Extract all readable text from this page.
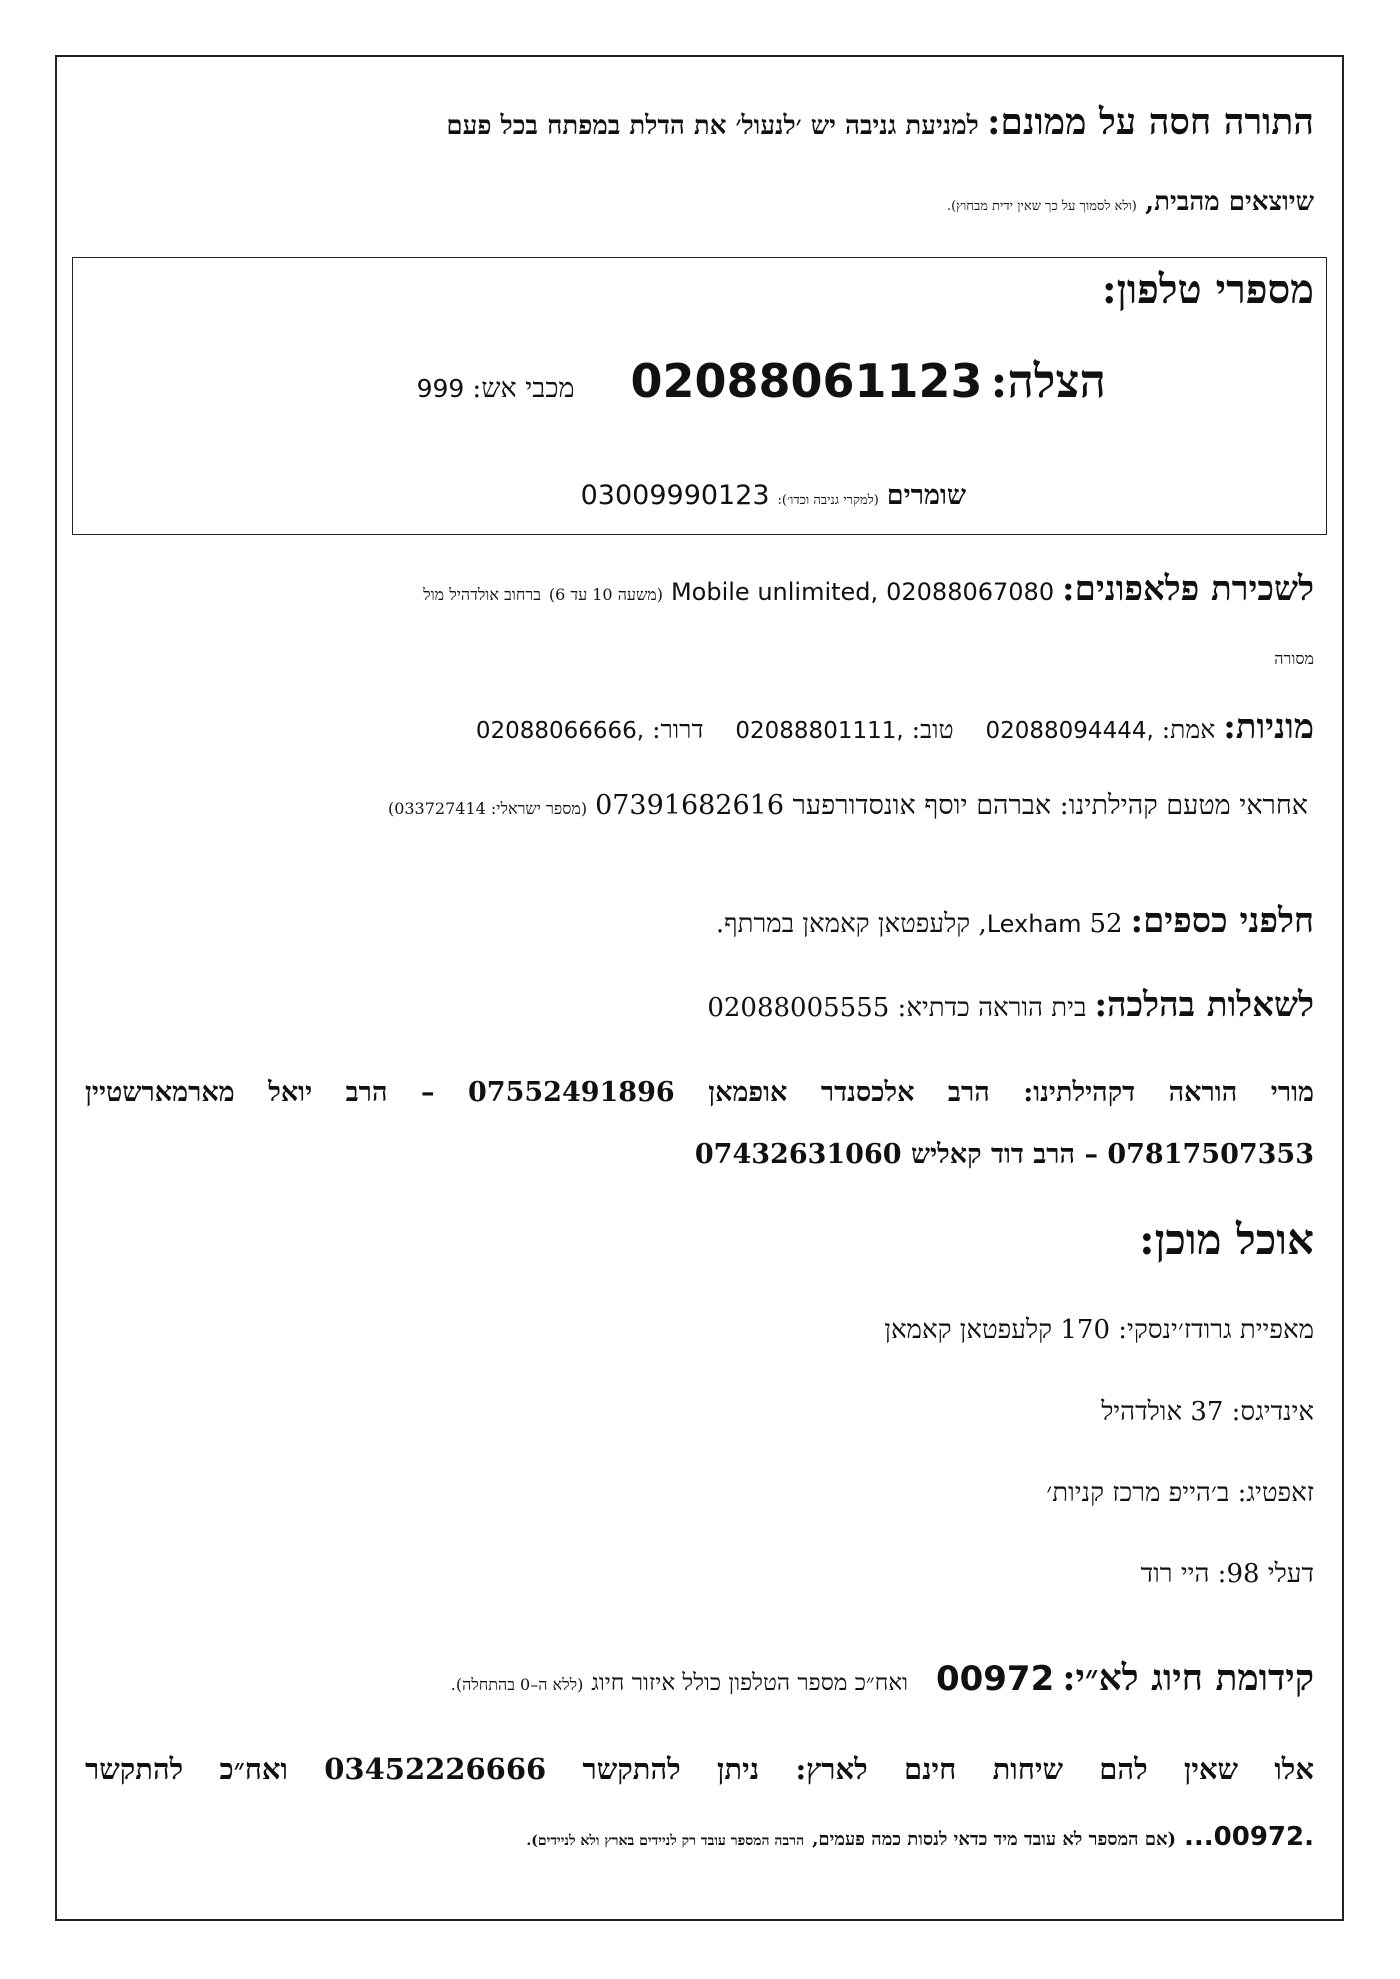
התורה חסה על ממונם: למניעת גניבה יש ׳לנעול׳ את הדלת במפתח בכל פעם
שיוצאים מהבית, (ולא לסמוך על כך שאין ידית מבחוץ).
מספרי טלפון:
הצלה: 02088061123  מכבי אש: 999
שומרים (למקרי גניבה וכדו׳): 03009990123
לשכירת פלאפונים: Mobile unlimited, 02088067080 (משעה 10 עד 6) ברחוב אולדהיל מול
מסורה
מוניות: אמת: 02088094444,  טוב: 02088801111,  דרור: 02088066666,
אחראי מטעם קהילתינו: אברהם יוסף אונסדורפער 07391682616 (מספר ישראלי: 033727414)
חלפני כספים: Lexham 52, קלעפטאן קאמאן במרתף.
לשאלות בהלכה: בית הוראה כדתיא: 02088005555
מורי הוראה דקהילתינו: הרב אלכסנדר אופמאן 07552491896 – הרב יואל מארמארשטיין
07817507353 – הרב דוד קאליש 07432631060
אוכל מוכן:
מאפיית גרודז׳ינסקי: 170 קלעפטאן קאמאן
אינדיגס: 37 אולדהיל
זאפטיג: ב׳הייפ מרכז קניות׳
דעלי 98: היי רוד
קידומת חיוג לא״י: 00972  ואח״כ מספר הטלפון כולל איזור חיוג (ללא ה–0 בהתחלה).
אלו שאין להם שיחות חינם לארץ: ניתן להתקשר 03452226666 ואח״כ להתקשר
...00972. (אם המספר לא עובד מיד כדאי לנסות כמה פעמים, הרבה המספר עובד רק לניידים בארץ ולא לניידים).
